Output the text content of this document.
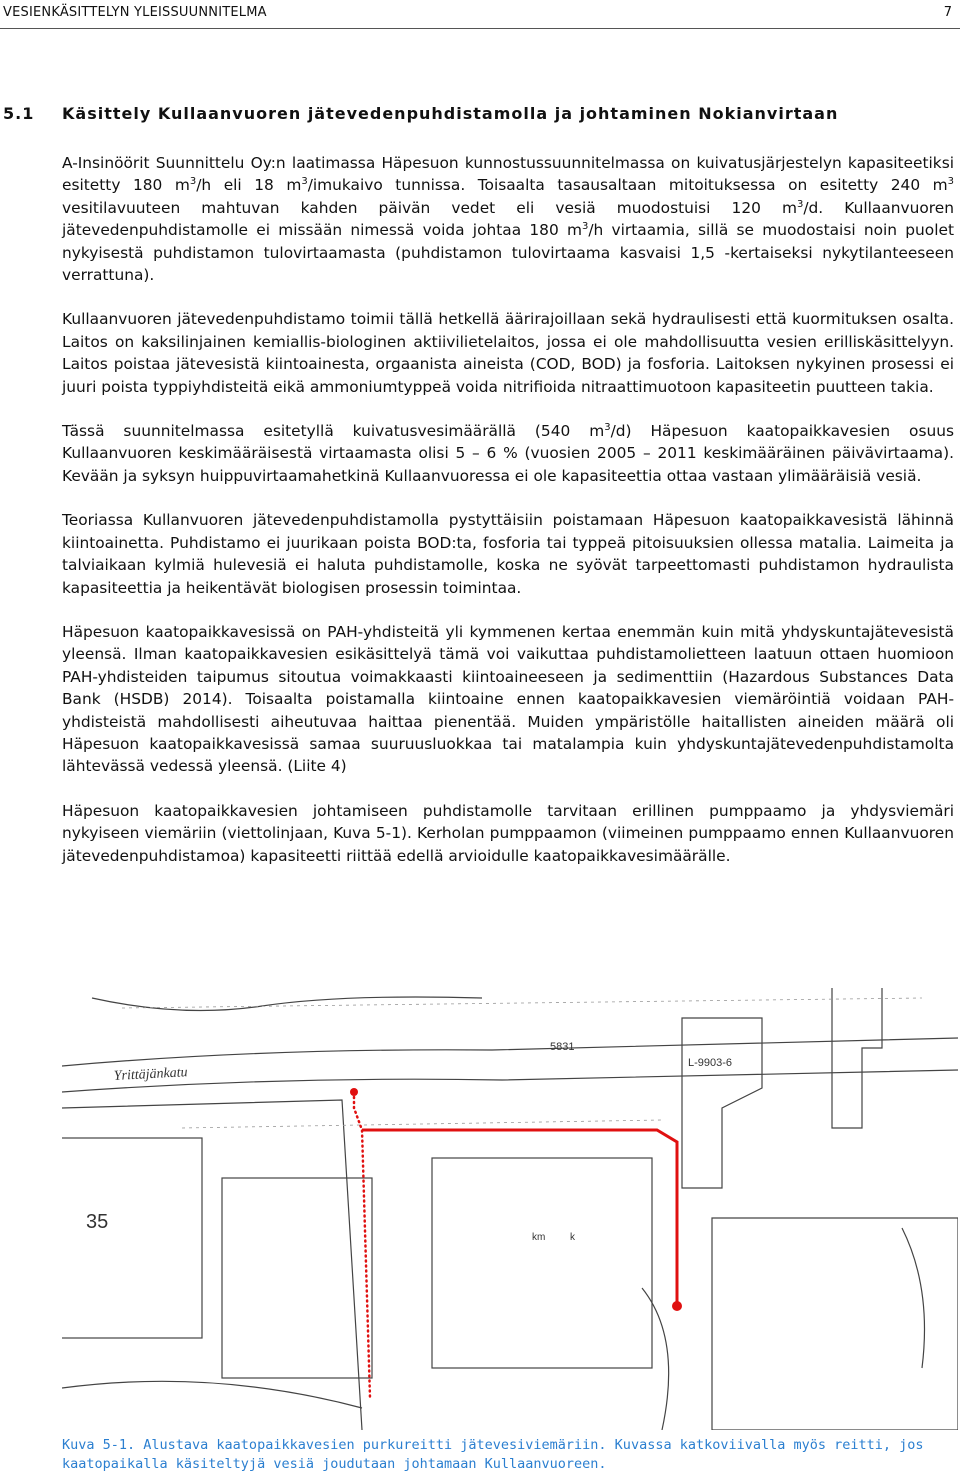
VESIENKÄSITTELYN YLEISSUUNNITELMA	7
5.1 Käsittely Kullaanvuoren jätevedenpuhdistamolla ja johtaminen Nokianvirtaan

A-Insinöörit Suunnittelu Oy:n laatimassa Häpesuon kunnostussuunnitelmassa on kuivatusjärjestelyn kapasiteetiksi esitetty 180 $m^3/h$ eli 18 $m^3$/imukaivo tunnissa. Toisaalta tasausaltaan mitoituksessa on esitetty 240 $m^3$ vesitilavuuteen mahtuvan kahden päivän vedet eli vesiä muodostuisi 120 $m^3/d$. Kullaanvuoren jätevedenpuhdistamolle ei missään nimessä voida johtaa 180 $m^3/h$ virtaamia, sillä se muodostaisi noin puolet nykyisestä puhdistamon tulovirtaamasta (puhdistamon tulovirtaama kasvaisi 1,5 -kertaiseksi nykytilanteeseen verrattuna).

Kullaanvuoren jätevedenpuhdistamo toimii tällä hetkellä äärirajoillaan sekä hydraulisesti että kuormituksen osalta. Laitos on kaksilinjainen kemiallis-biologinen aktiivilietelaitos, jossa ei ole mahdollisuutta vesien erilliskäsittelyyn. Laitos poistaa jätevesistä kiintoainesta, orgaanista aineista (COD, BOD) ja fosforia. Laitoksen nykyinen prosessi ei juuri poista typpiyhdisteitä eikä ammoniumtyppeä voida nitrifioida nitraattimuotoon kapasiteetin puutteen takia.

Tässä suunnitelmassa esitetyllä kuivatusvesimäärällä (540 $m^3/d$) Häpesuon kaatopaikkavesien osuus Kullaanvuoren keskimääräisestä virtaamasta olisi 5 – 6 % (vuosien 2005 – 2011 keskimääräinen päivävirtaama). Kevään ja syksyn huippuvirtaamahetkinä Kullaanvuoressa ei ole kapasiteettia ottaa vastaan ylimääräisiä vesiä.

Teoriassa Kullanvuoren jätevedenpuhdistamolla pystyttäisiin poistamaan Häpesuon kaatopaikkavesistä lähinnä kiintoainetta. Puhdistamo ei juurikaan poista BOD:ta, fosforia tai typpeä pitoisuuksien ollessa matalia. Laimeita ja talviaikaan kylmiä hulevesiä ei haluta puhdistamolle, koska ne syövät tarpeettomasti puhdistamon hydraulista kapasiteettia ja heikentävät biologisen prosessin toimintaa.

Häpesuon kaatopaikkavesissä on PAH-yhdisteitä yli kymmenen kertaa enemmän kuin mitä yhdyskuntajätevesistä yleensä. Ilman kaatopaikkavesien esikäsittelyä tämä voi vaikuttaa puhdistamolietteen laatuun ottaen huomioon PAH-yhdisteiden taipumus sitoutua voimakkaasti kiintoaineeseen ja sedimenttiin (Hazardous Substances Data Bank (HSDB) 2014). Toisaalta poistamalla kiintoaine ennen kaatopaikkavesien viemäröintiä voidaan PAH-yhdisteistä mahdollisesti aiheutuvaa haittaa pienentää. Muiden ympäristölle haitallisten aineiden määrä oli Häpesuon kaatopaikkavesissä samaa suuruusluokkaa tai matalampia kuin yhdyskuntajätevedenpuhdistamolta lähtevässä vedessä yleensä. (Liite 4)

Häpesuon kaatopaikkavesien johtamiseen puhdistamolle tarvitaan erillinen pumppaamo ja yhdysviemäri nykyiseen viemäriin (viettolinjaan, Kuva 5-1). Kerholan pumppaamon (viimeinen pumppaamo ennen Kullaanvuoren jätevedenpuhdistamoa) kapasiteetti riittää edellä arvioidulle kaatopaikkavesimäärälle.

Yrittäjänkatu
35
5831
L-9903-6
km k
Kuva 5-1. Alustava kaatopaikkavesien purkureitti jätevesiviemäriin. Kuvassa katkoviivalla myös reitti, jos kaatopaikalla käsiteltyjä vesiä joudutaan johtamaan Kullaanvuoreen.
